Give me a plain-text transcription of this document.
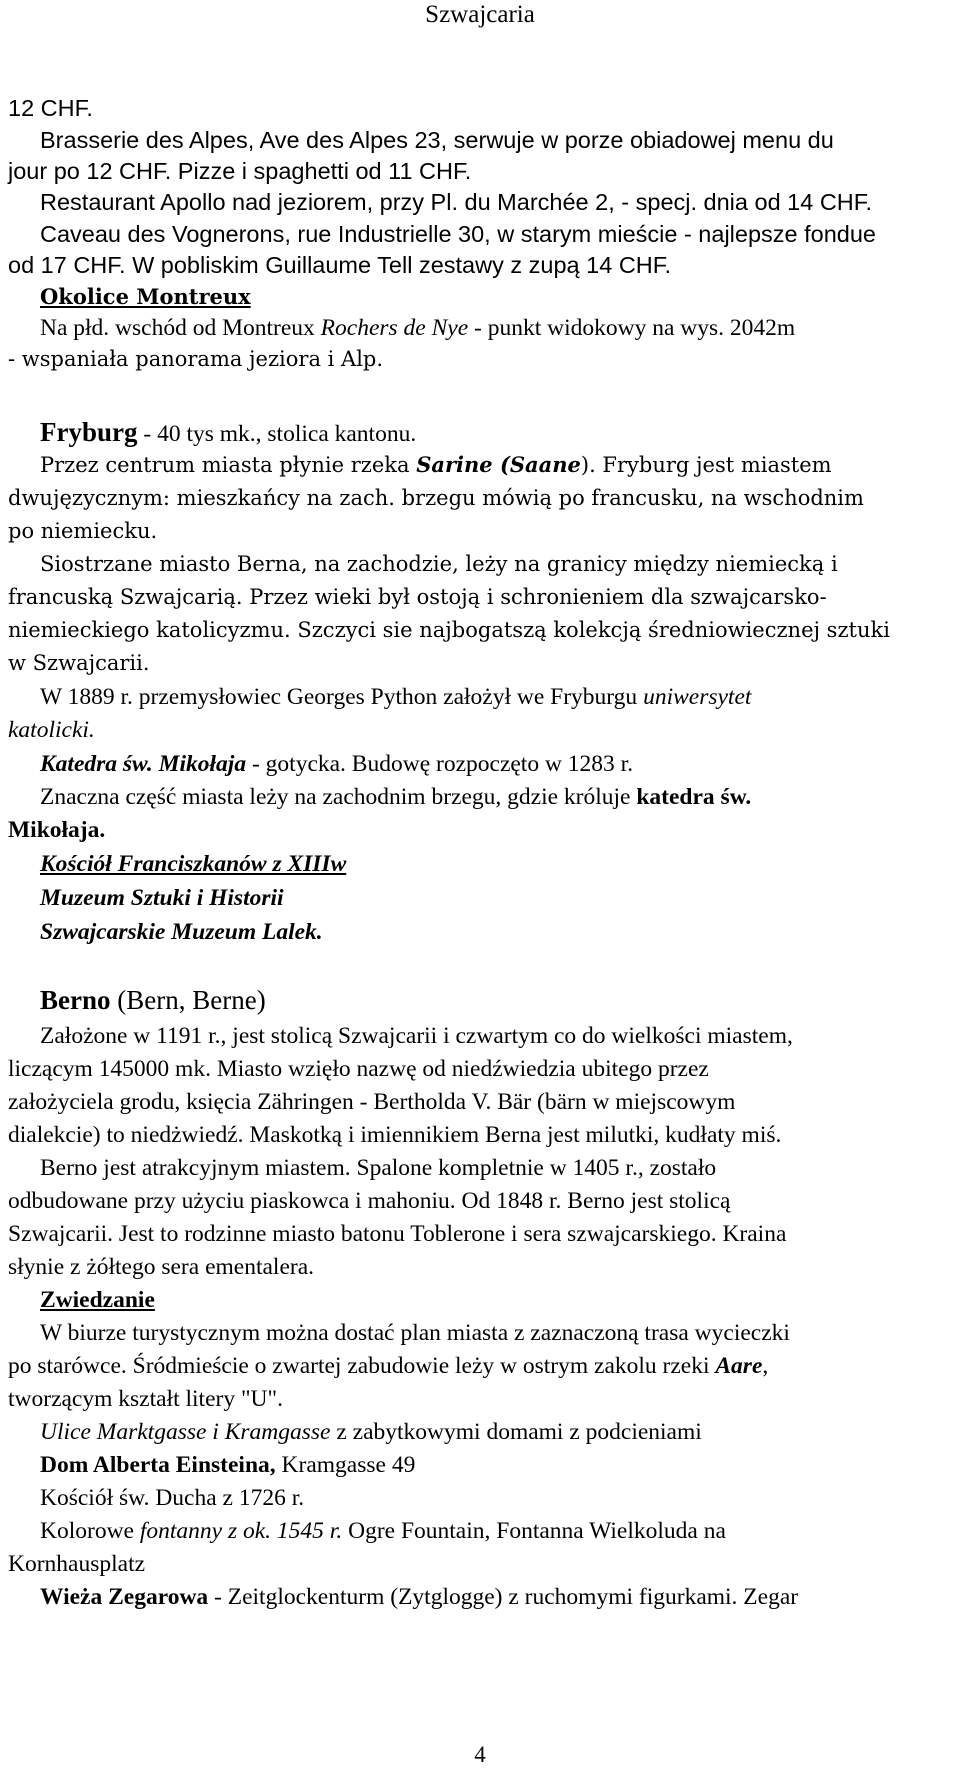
Szwajcaria
12 CHF.
Brasserie des Alpes, Ave des Alpes 23, serwuje w porze obiadowej menu du
jour po 12 CHF. Pizze i spaghetti od 11 CHF.
Restaurant Apollo nad jeziorem, przy Pl. du Marchée 2, - specj. dnia od 14 CHF.
Caveau des Vognerons, rue Industrielle 30, w starym mieście - najlepsze fondue
od 17 CHF. W pobliskim Guillaume Tell zestawy z zupą 14 CHF.
Okolice Montreux
Na płd. wschód od Montreux Rochers de Nye - punkt widokowy na wys. 2042m
- wspaniała panorama jeziora i Alp.
Fryburg - 40 tys mk., stolica kantonu.
Przez centrum miasta płynie rzeka Sarine (Saane). Fryburg jest miastem
dwujęzycznym: mieszkańcy na zach. brzegu mówią po francusku, na wschodnim
po niemiecku.
Siostrzane miasto Berna, na zachodzie, leży na granicy między niemiecką i
francuską Szwajcarią. Przez wieki był ostoją i schronieniem dla szwajcarsko-
niemieckiego katolicyzmu. Szczyci sie najbogatszą kolekcją średniowiecznej sztuki
w Szwajcarii.
W 1889 r. przemysłowiec Georges Python założył we Fryburgu uniwersytet
katolicki.
Katedra św. Mikołaja - gotycka. Budowę rozpoczęto w 1283 r.
Znaczna część miasta leży na zachodnim brzegu, gdzie króluje katedra św.
Mikołaja.
Kościół Franciszkanów z XIIIw
Muzeum Sztuki i Historii
Szwajcarskie Muzeum Lalek.
Berno (Bern, Berne)
Założone w 1191 r., jest stolicą Szwajcarii i czwartym co do wielkości miastem,
liczącym 145000 mk. Miasto wzięło nazwę od niedźwiedzia ubitego przez
założyciela grodu, księcia Zähringen - Bertholda V. Bär (bärn w miejscowym
dialekcie) to niedżwiedź. Maskotką i imiennikiem Berna jest milutki, kudłaty miś.
Berno jest atrakcyjnym miastem. Spalone kompletnie w 1405 r., zostało
odbudowane przy użyciu piaskowca i mahoniu. Od 1848 r. Berno jest stolicą
Szwajcarii. Jest to rodzinne miasto batonu Toblerone i sera szwajcarskiego. Kraina
słynie z żółtego sera ementalera.
Zwiedzanie
W biurze turystycznym można dostać plan miasta z zaznaczoną trasa wycieczki
po starówce. Śródmieście o zwartej zabudowie leży w ostrym zakolu rzeki Aare,
tworzącym kształt litery "U".
Ulice Marktgasse i Kramgasse z zabytkowymi domami z podcieniami
Dom Alberta Einsteina, Kramgasse 49
Kościół św. Ducha z 1726 r.
Kolorowe fontanny z ok. 1545 r. Ogre Fountain, Fontanna Wielkoluda na
Kornhausplatz
Wieża Zegarowa - Zeitglockenturm (Zytglogge) z ruchomymi figurkami. Zegar
4
